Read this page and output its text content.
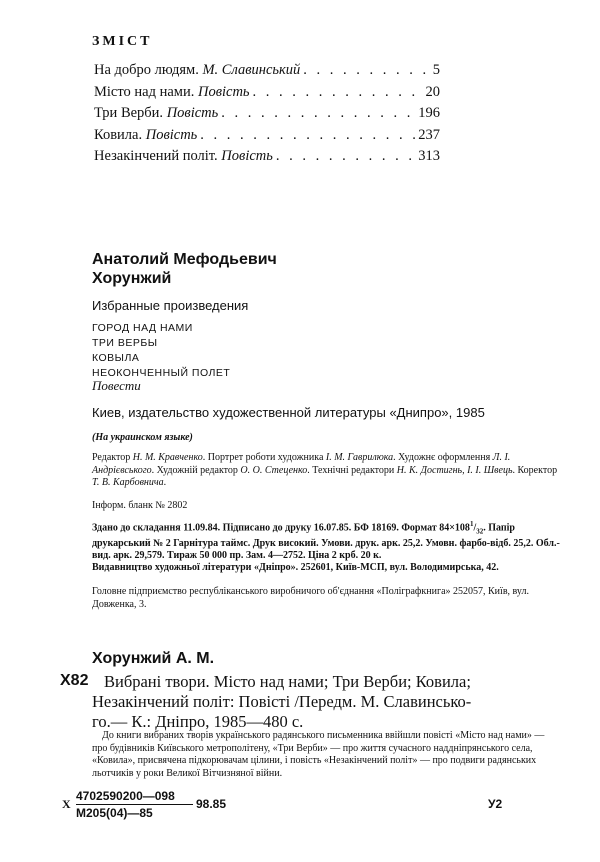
ЗМІСТ
На добро людям. М. Славинський . . .	5
Місто над нами. Повість . . .	20
Три Верби. Повість . . .	196
Ковила. Повість . . .	237
Незакінчений політ. Повість . . .	313
Анатолий Мефодьевич
Хорунжий
Избранные произведения
ГОРОД НАД НАМИ
ТРИ ВЕРБЫ
КОВЫЛА
НЕОКОНЧЕННЫЙ ПОЛЕТ
Повести
Киев, издательство художественной литературы «Днипро», 1985
(На украинском языке)
Редактор Н. М. Кравченко. Портрет роботи художника І. М. Гаврилюка. Художнє оформлення Л. І. Андрієвського. Художній редактор О. О. Стеценко. Технічні редактори Н. К. Достигнь, І. І. Швець. Коректор Т. В. Карбовнича.
Інформ. бланк № 2802
Здано до складання 11.09.84. Підписано до друку 16.07.85. БФ 18169. Формат $84\times 108^1/_{32}$. Папір друкарський № 2 Гарнітура таймс. Друк високий. Умови. друк. арк. 25,2. Умовн. фарбо-відб. 25,2. Обл.-вид. арк. 29,579. Тираж 50 000 пр. Зам. 4—2752. Ціна 2 крб. 20 к.
Видавництво художньої літератури «Дніпро». 252601, Київ-МСП, вул. Володимирська, 42.
Головне підприємство республіканського виробничого об'єднання «Поліграфкнига» 252057, Київ, вул. Довженка, 3.
Хорунжий А. М.
Х82 Вибрані твори. Місто над нами; Три Верби; Ковила;

Незакінчений політ: Повісті /Передм. М. Славинсько-

го.— К.: Дніпро, 1985—480 с.

До книги вибраних творів українського радянського письменника ввійшли повісті «Місто над нами» — про будівників Київського метрополітену, «Три Верби» — про життя сучасного наддніпрянського села, «Ковила», присвячена підкорювачам цілини, і повість «Незакінчений політ» — про подвиги радянських льотчиків у роки Великої Вітчизняної війни.
Х
4702590200—098
М205(04)—85
98.85	У2
